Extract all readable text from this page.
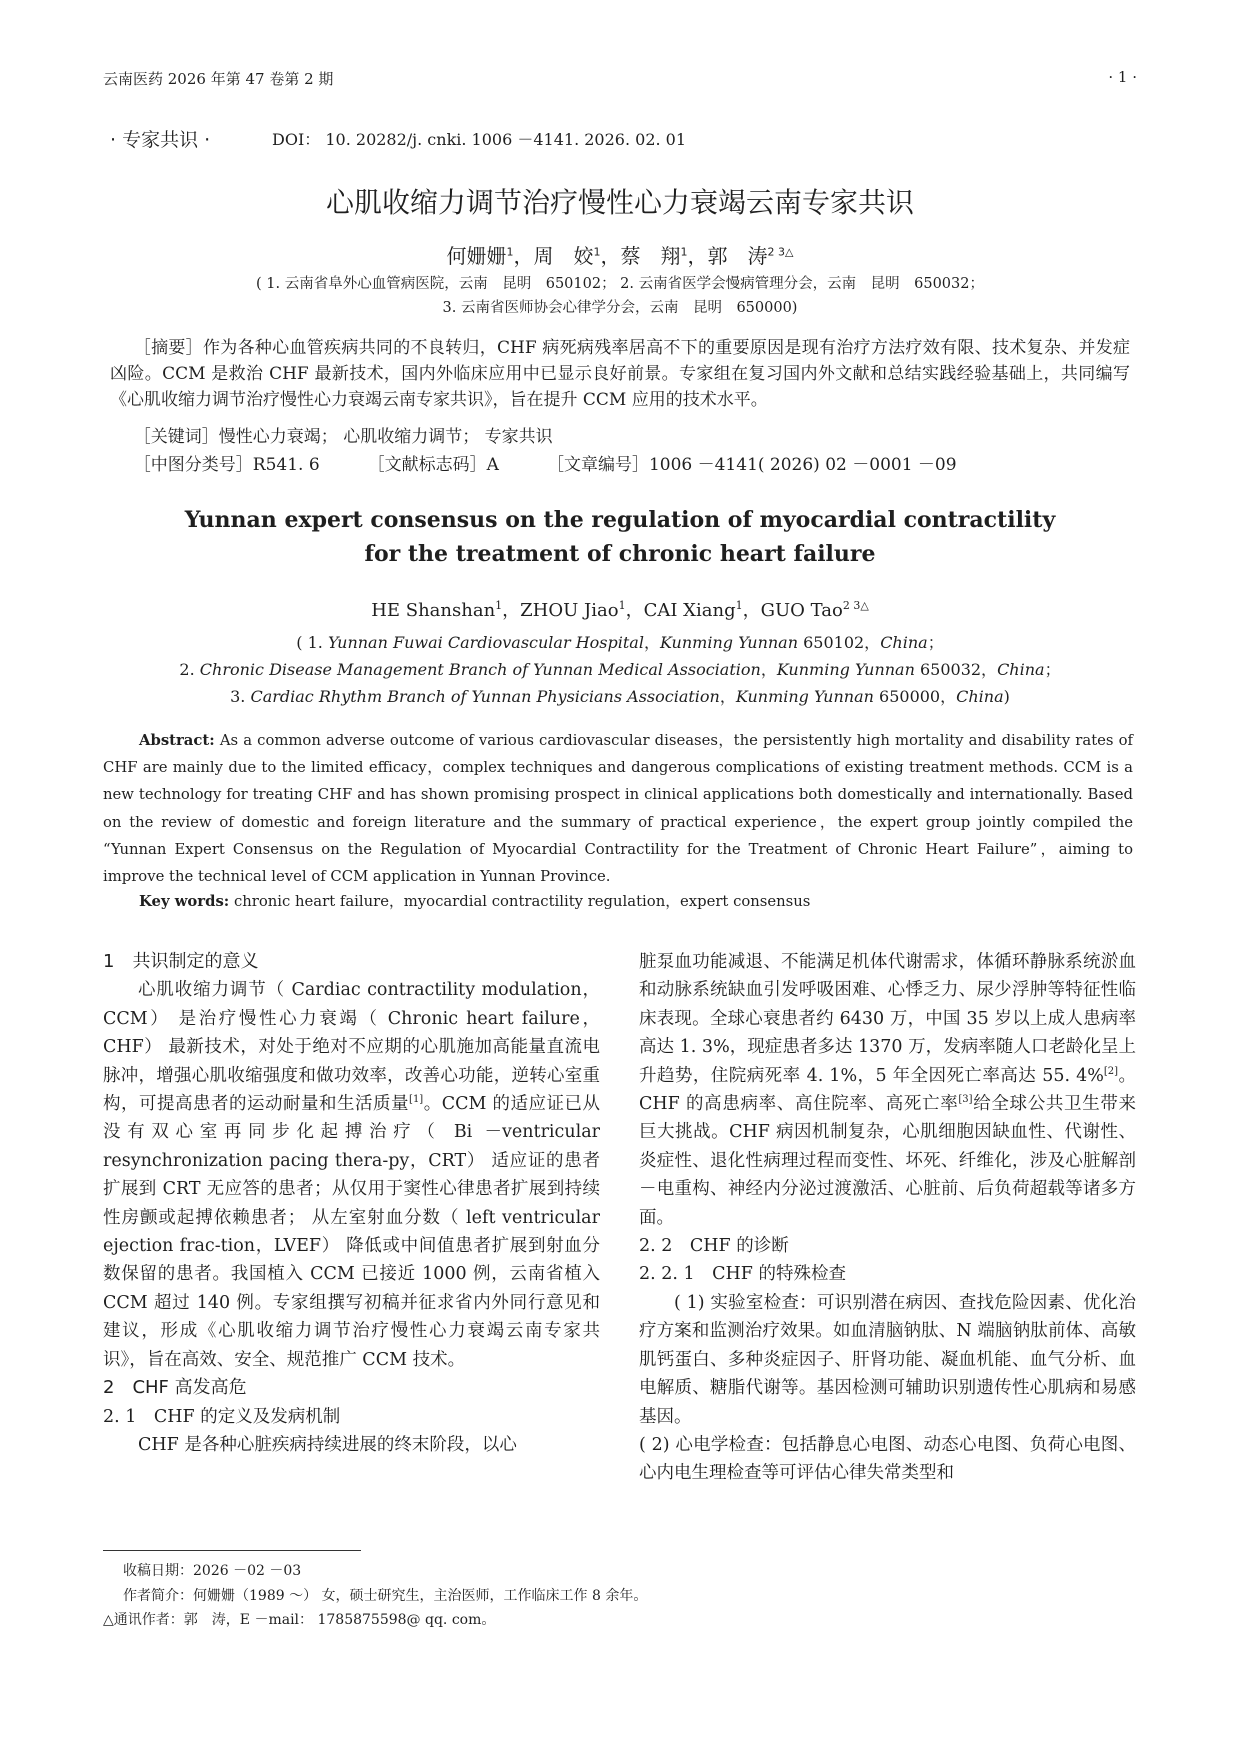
云南医药 2026 年第 47 卷第 2 期	· 1 ·
· 专家共识 ·	DOI： 10. 20282/j. cnki. 1006 －4141. 2026. 02. 01
心肌收缩力调节治疗慢性心力衰竭云南专家共识
何姗姗$^1$，周　姣$^1$，蔡　翔$^1$，郭　涛$^{2 3\triangle}$
( 1. 云南省阜外心血管病医院，云南　昆明　650102； 2. 云南省医学会慢病管理分会，云南　昆明　650032；
3. 云南省医师协会心律学分会，云南　昆明　650000)
［摘要］作为各种心血管疾病共同的不良转归，CHF 病死病残率居高不下的重要原因是现有治疗方法疗效有限、技术复杂、并发症凶险。CCM 是救治 CHF 最新技术，国内外临床应用中已显示良好前景。专家组在复习国内外文献和总结实践经验基础上，共同编写《心肌收缩力调节治疗慢性心力衰竭云南专家共识》，旨在提升 CCM 应用的技术水平。
［关键词］慢性心力衰竭； 心肌收缩力调节； 专家共识
［中图分类号］R541. 6	［文献标志码］A	［文章编号］1006 －4141( 2026) 02 －0001 －09
Yunnan expert consensus on the regulation of myocardial contractility
for the treatment of chronic heart failure
HE Shanshan$^1$，ZHOU Jiao$^1$，CAI Xiang$^1$，GUO Tao$^{2 3\triangle}$
( 1. Yunnan Fuwai Cardiovascular Hospital，Kunming Yunnan 650102，China；
2. Chronic Disease Management Branch of Yunnan Medical Association，Kunming Yunnan 650032，China；
3. Cardiac Rhythm Branch of Yunnan Physicians Association，Kunming Yunnan 650000，China)
Abstract: As a common adverse outcome of various cardiovascular diseases，the persistently high mortality and disability rates of CHF are mainly due to the limited efficacy，complex techniques and dangerous complications of existing treatment methods. CCM is a new technology for treating CHF and has shown promising prospect in clinical applications both domestically and internationally. Based on the review of domestic and foreign literature and the summary of practical experience，the expert group jointly compiled the “Yunnan Expert Consensus on the Regulation of Myocardial Contractility for the Treatment of Chronic Heart Failure”，aiming to improve the technical level of CCM application in Yunnan Province.
Key words: chronic heart failure，myocardial contractility regulation，expert consensus

1　共识制定的意义

心肌收缩力调节（ Cardiac contractility modulation，CCM） 是治疗慢性心力衰竭（ Chronic heart failure，CHF） 最新技术，对处于绝对不应期的心肌施加高能量直流电脉冲，增强心肌收缩强度和做功效率，改善心功能，逆转心室重构，可提高患者的运动耐量和生活质量[1]。CCM 的适应证已从没有双心室再同步化起搏治疗（ Bi －ventricular resynchronization pacing thera-py，CRT） 适应证的患者扩展到 CRT 无应答的患者；从仅用于窦性心律患者扩展到持续性房颤或起搏依赖患者； 从左室射血分数（ left ventricular ejection frac-tion，LVEF） 降低或中间值患者扩展到射血分数保留的患者。我国植入 CCM 已接近 1000 例，云南省植入 CCM 超过 140 例。专家组撰写初稿并征求省内外同行意见和建议，形成《心肌收缩力调节治疗慢性心力衰竭云南专家共识》，旨在高效、安全、规范推广 CCM 技术。

2　CHF 高发高危

2. 1　CHF 的定义及发病机制

CHF 是各种心脏疾病持续进展的终末阶段，以心

脏泵血功能减退、不能满足机体代谢需求，体循环静脉系统淤血和动脉系统缺血引发呼吸困难、心悸乏力、尿少浮肿等特征性临床表现。全球心衰患者约 6430 万，中国 35 岁以上成人患病率高达 1. 3%，现症患者多达 1370 万，发病率随人口老龄化呈上升趋势，住院病死率 4. 1%，5 年全因死亡率高达 55. 4%[2]。CHF 的高患病率、高住院率、高死亡率[3]给全球公共卫生带来巨大挑战。CHF 病因机制复杂，心肌细胞因缺血性、代谢性、炎症性、退化性病理过程而变性、坏死、纤维化，涉及心脏解剖－电重构、神经内分泌过渡激活、心脏前、后负荷超载等诸多方面。

2. 2　CHF 的诊断

2. 2. 1　CHF 的特殊检查

( 1) 实验室检查：可识别潜在病因、查找危险因素、优化治疗方案和监测治疗效果。如血清脑钠肽、N 端脑钠肽前体、高敏肌钙蛋白、多种炎症因子、肝肾功能、凝血机能、血气分析、血电解质、糖脂代谢等。基因检测可辅助识别遗传性心肌病和易感基因。

( 2) 心电学检查：包括静息心电图、动态心电图、负荷心电图、心内电生理检查等可评估心律失常类型和

收稿日期：2026 －02 －03
作者简介：何姗姗（1989 ～） 女，硕士研究生，主治医师，工作临床工作 8 余年。
△通讯作者：郭　涛，E －mail： 1785875598@ qq. com。
